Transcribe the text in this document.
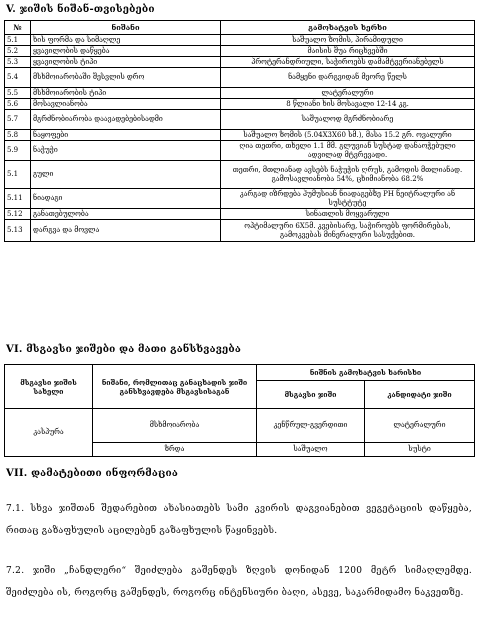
V. ჯიშის ნიშან-თვისებები
№	ნიშანი	გამოხატვის ხერხი
5.1	ხის ფორმა და სიმაღლე	საშუალო ზომის, პირამიდული
5.2	ყვავილობის დაწყება	მაისის შუა რიცხვებში
5.3	ყვავილობის ტიპი	პროტერანდრიული, საჭიროებს დამამტვერიანებელს
5.4	მსხმოიარობაში შესვლის დრო	ნამყენი დარგვიდან მეორე წელს
5.5	მსხმოიარობის ტიპი	ლატერალური
5.6	მოსავლიანობა	8 წლიანი ხის მოსავალი 12-14 კგ.
5.7	მგრძნობიარობა დაავადებებისადმი	საშუალოდ მგრძნობიარე
5.8	ნაყოფები	საშუალო ზომის (5.04X3X60 სმ.), მასა 15.2 გრ. ოვალური
5.9	ნაჭუჭი	ღია თეთრი, თხელი 1.1 მმ. გლუვიან სუსტად დანაოჭებული ადვილად მტვრევადი.
5.1	გული	თეთრი, მთლიანად ავსებს ნაჭუჭის ღრუს, გამოდის მთლიანად. გამოსავლიანობა 54%, ცხიმიანობა 68.2%
5.11	ნიადაგი	კარგად იზრდება ჰუმუსიან ნიადაგებზე PH ნეიტრალური ან სუსტტუტე
5.12	განათებულობა	სინათლის მოყვარული
5.13	დარგვა და მოვლა	ოპტიმალური 6X5მ. კვებისარე, საჭიროებს ფორმირებას, გამოკვებას მინერალური სასუქებით.
VI. მსგავსი ჯიშები და მათი განსხვავება
მსგავსი ჯიშის სახელი	ნიშანი, რომლითაც განაცხადის ჯიში განსხვავდება მსგავსისაგან	ნიშნის გამოხატვის ხარისხი	
		მსგავსი ჯიში	კანდიდატი ჯიში
კასპურა	მსხმოიარობა	კენწრულ-გვერდითი	ლატერალური
	ზრდა	საშუალო	სუსტი
VII. დამატებითი ინფორმაცია
7.1. სხვა ჯიშთან შედარებით ახასიათებს სამი კვირის დაგვიანებით ვეგეტაციის დაწყება, რითაც გაზაფხულის აცილებენ გაზაფხულის წაყინვებს.
7.2. ჯიში „ჩანდლერი“ შეიძლება გაშენდეს ზღვის დონიდან 1200 მეტრ სიმაღლემდე. შეიძლება ის, როგორც გაშენდეს, როგორც ინტენსიური ბაღი, ასევე, საკარმიდამო ნაკვეთზე.
